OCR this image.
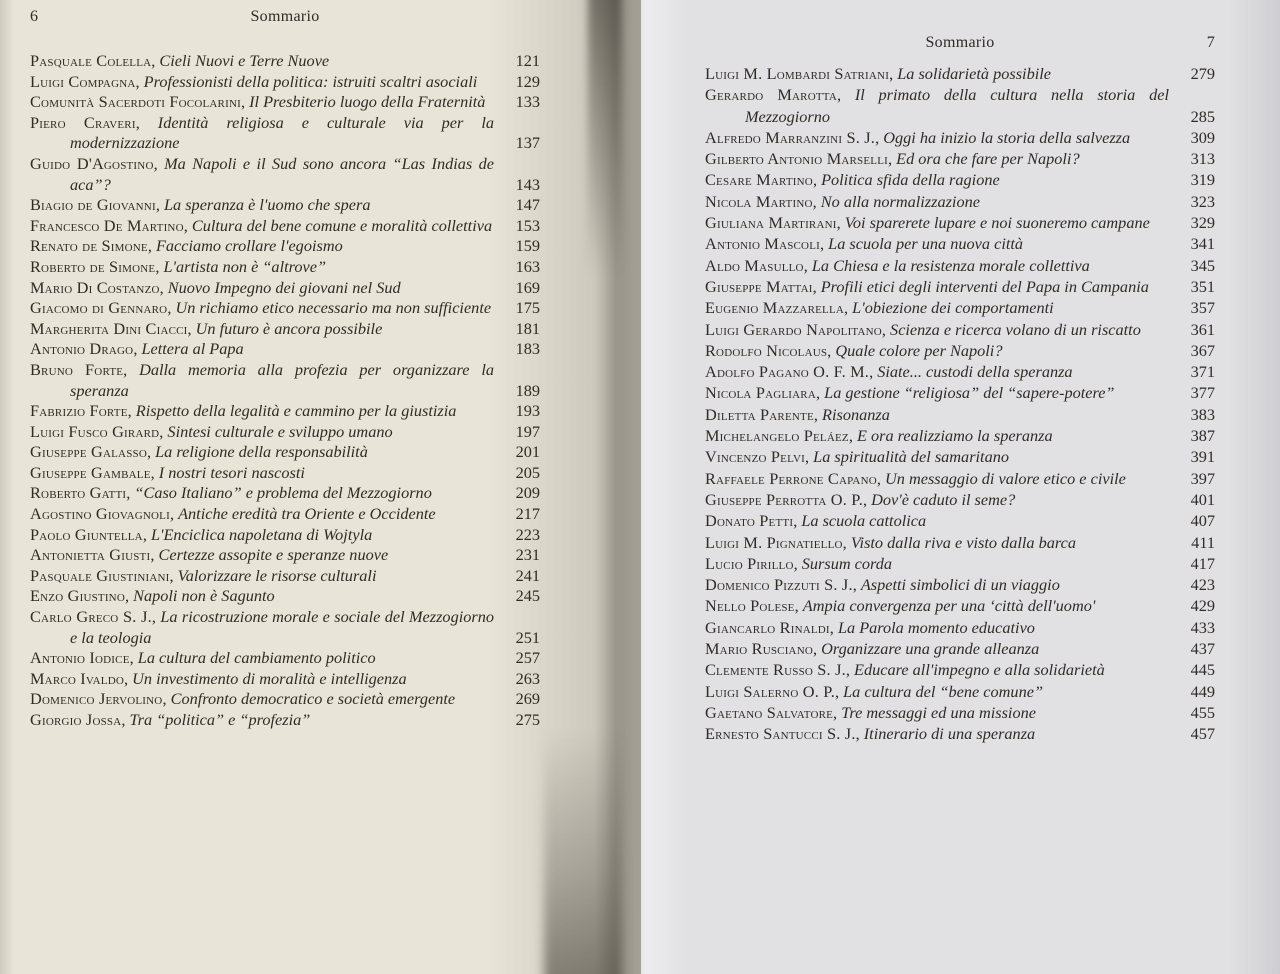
6	Sommario
Pasquale Colella, Cieli Nuovi e Terre Nuove	121
Luigi Compagna, Professionisti della politica: istruiti scaltri asociali	129
Comunità Sacerdoti Focolarini, Il Presbiterio luogo della Fraternità	133
Piero Craveri, Identità religiosa e culturale via per la modernizzazione	137
Guido D'Agostino, Ma Napoli e il Sud sono ancora “Las Indias de aca”?	143
Biagio de Giovanni, La speranza è l'uomo che spera	147
Francesco De Martino, Cultura del bene comune e moralità collettiva	153
Renato de Simone, Facciamo crollare l'egoismo	159
Roberto de Simone, L'artista non è “altrove”	163
Mario Di Costanzo, Nuovo Impegno dei giovani nel Sud	169
Giacomo di Gennaro, Un richiamo etico necessario ma non sufficiente	175
Margherita Dini Ciacci, Un futuro è ancora possibile	181
Antonio Drago, Lettera al Papa	183
Bruno Forte, Dalla memoria alla profezia per organizzare la speranza	189
Fabrizio Forte, Rispetto della legalità e cammino per la giustizia	193
Luigi Fusco Girard, Sintesi culturale e sviluppo umano	197
Giuseppe Galasso, La religione della responsabilità	201
Giuseppe Gambale, I nostri tesori nascosti	205
Roberto Gatti, “Caso Italiano” e problema del Mezzogiorno	209
Agostino Giovagnoli, Antiche eredità tra Oriente e Occidente	217
Paolo Giuntella, L'Enciclica napoletana di Wojtyla	223
Antonietta Giusti, Certezze assopite e speranze nuove	231
Pasquale Giustiniani, Valorizzare le risorse culturali	241
Enzo Giustino, Napoli non è Sagunto	245
Carlo Greco S. J., La ricostruzione morale e sociale del Mezzogiorno e la teologia	251
Antonio Iodice, La cultura del cambiamento politico	257
Marco Ivaldo, Un investimento di moralità e intelligenza	263
Domenico Jervolino, Confronto democratico e società emergente	269
Giorgio Jossa, Tra “politica” e “profezia”	275
Sommario	7
Luigi M. Lombardi Satriani, La solidarietà possibile	279
Gerardo Marotta, Il primato della cultura nella storia del Mezzogiorno	285
Alfredo Marranzini S. J., Oggi ha inizio la storia della salvezza	309
Gilberto Antonio Marselli, Ed ora che fare per Napoli?	313
Cesare Martino, Politica sfida della ragione	319
Nicola Martino, No alla normalizzazione	323
Giuliana Martirani, Voi sparerete lupare e noi suoneremo campane	329
Antonio Mascoli, La scuola per una nuova città	341
Aldo Masullo, La Chiesa e la resistenza morale collettiva	345
Giuseppe Mattai, Profili etici degli interventi del Papa in Campania	351
Eugenio Mazzarella, L'obiezione dei comportamenti	357
Luigi Gerardo Napolitano, Scienza e ricerca volano di un riscatto	361
Rodolfo Nicolaus, Quale colore per Napoli?	367
Adolfo Pagano O. F. M., Siate... custodi della speranza	371
Nicola Pagliara, La gestione “religiosa” del “sapere-potere”	377
Diletta Parente, Risonanza	383
Michelangelo Peláez, E ora realizziamo la speranza	387
Vincenzo Pelvi, La spiritualità del samaritano	391
Raffaele Perrone Capano, Un messaggio di valore etico e civile	397
Giuseppe Perrotta O. P., Dov'è caduto il seme?	401
Donato Petti, La scuola cattolica	407
Luigi M. Pignatiello, Visto dalla riva e visto dalla barca	411
Lucio Pirillo, Sursum corda	417
Domenico Pizzuti S. J., Aspetti simbolici di un viaggio	423
Nello Polese, Ampia convergenza per una ‘città dell'uomo'	429
Giancarlo Rinaldi, La Parola momento educativo	433
Mario Rusciano, Organizzare una grande alleanza	437
Clemente Russo S. J., Educare all'impegno e alla solidarietà	445
Luigi Salerno O. P., La cultura del “bene comune”	449
Gaetano Salvatore, Tre messaggi ed una missione	455
Ernesto Santucci S. J., Itinerario di una speranza	457
